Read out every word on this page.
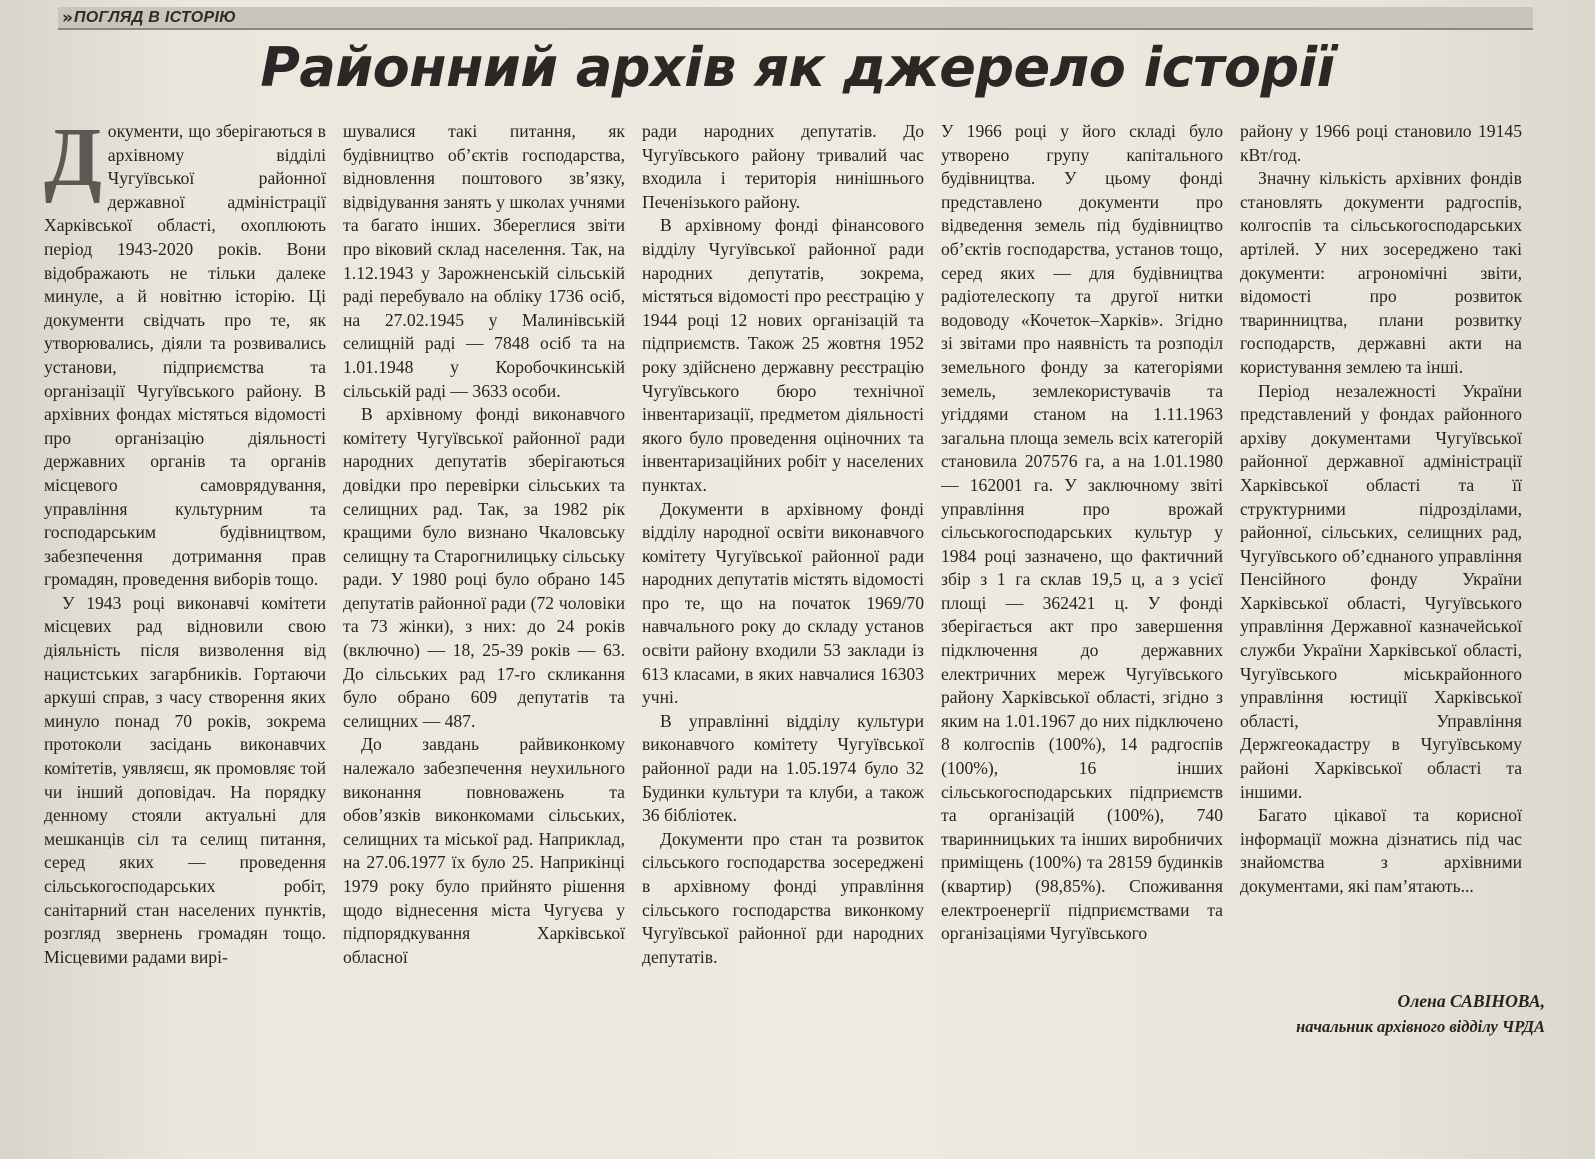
» ПОГЛЯД В ІСТОРІЮ
Районний архів як джерело історії

Документи, що зберігаються в архівному відділі Чугуївської районної державної адміністрації Харківської області, охоплюють період 1943-2020 років. Вони відображають не тільки далеке минуле, а й новітню історію. Ці документи свідчать про те, як утворювались, діяли та розвивались установи, підприємства та організації Чугуївського району. В архівних фондах містяться відомості про організацію діяльності державних органів та органів місцевого самоврядування, управління культурним та господарським будівництвом, забезпечення дотримання прав громадян, проведення виборів тощо.

У 1943 році виконавчі комітети місцевих рад відновили свою діяльність після визволення від нацистських загарбників. Гортаючи аркуші справ, з часу створення яких минуло понад 70 років, зокрема протоколи засідань виконавчих комітетів, уявляєш, як промовляє той чи інший доповідач. На порядку денному стояли актуальні для мешканців сіл та селищ питання, серед яких — проведення сільськогосподарських робіт, санітарний стан населених пунктів, розгляд звернень громадян тощо. Місцевими радами вирі-

шувалися такі питання, як будівництво об’єктів господарства, відновлення поштового зв’язку, відвідування занять у школах учнями та багато інших. Збереглися звіти про віковий склад населення. Так, на 1.12.1943 у Зарожненській сільській раді перебувало на обліку 1736 осіб, на 27.02.1945 у Малинівській селищній раді — 7848 осіб та на 1.01.1948 у Коробочкинській сільській раді — 3633 особи.

В архівному фонді виконавчого комітету Чугуївської районної ради народних депутатів зберігаються довідки про перевірки сільських та селищних рад. Так, за 1982 рік кращими було визнано Чкаловську селищну та Старогнилицьку сільську ради. У 1980 році було обрано 145 депутатів районної ради (72 чоловіки та 73 жінки), з них: до 24 років (включно) — 18, 25-39 років — 63. До сільських рад 17-го скликання було обрано 609 депутатів та селищних — 487.

До завдань райвиконкому належало забезпечення неухильного виконання повноважень та обов’язків виконкомами сільських, селищних та міської рад. Наприклад, на 27.06.1977 їх було 25. Наприкінці 1979 року було прийнято рішення щодо віднесення міста Чугуєва у підпорядкування Харківської обласної

ради народних депутатів. До Чугуївського району тривалий час входила і територія нинішнього Печенізького району.

В архівному фонді фінансового відділу Чугуївської районної ради народних депутатів, зокрема, містяться відомості про реєстрацію у 1944 році 12 нових організацій та підприємств. Також 25 жовтня 1952 року здійснено державну реєстрацію Чугуївського бюро технічної інвентаризації, предметом діяльності якого було проведення оціночних та інвентаризаційних робіт у населених пунктах.

Документи в архівному фонді відділу народної освіти виконавчого комітету Чугуївської районної ради народних депутатів містять відомості про те, що на початок 1969/70 навчального року до складу установ освіти району входили 53 заклади із 613 класами, в яких навчалися 16303 учні.

В управлінні відділу культури виконавчого комітету Чугуївської районної ради на 1.05.1974 було 32 Будинки культури та клуби, а також 36 бібліотек.

Документи про стан та розвиток сільського господарства зосереджені в архівному фонді управління сільського господарства виконкому Чугуївської районної рди народних депутатів.

У 1966 році у його складі було утворено групу капітального будівництва. У цьому фонді представлено документи про відведення земель під будівництво об’єктів господарства, установ тощо, серед яких — для будівництва радіотелескопу та другої нитки водоводу «Кочеток–Харків». Згідно зі звітами про наявність та розподіл земельного фонду за категоріями земель, землекористувачів та угіддями станом на 1.11.1963 загальна площа земель всіх категорій становила 207576 га, а на 1.01.1980 — 162001 га. У заключному звіті управління про врожай сільськогосподарських культур у 1984 році зазначено, що фактичний збір з 1 га склав 19,5 ц, а з усієї площі — 362421 ц. У фонді зберігається акт про завершення підключення до державних електричних мереж Чугуївського району Харківської області, згідно з яким на 1.01.1967 до них підключено 8 колгоспів (100%), 14 радгоспів (100%), 16 інших сільськогосподарських підприємств та організацій (100%), 740 тваринницьких та інших виробничих приміщень (100%) та 28159 будинків (квартир) (98,85%). Споживання електроенергії підприємствами та організаціями Чугуївського

району у 1966 році становило 19145 кВт/год.

Значну кількість архівних фондів становлять документи радгоспів, колгоспів та сільськогосподарських артілей. У них зосереджено такі документи: агрономічні звіти, відомості про розвиток тваринництва, плани розвитку господарств, державні акти на користування землею та інші.

Період незалежності України представлений у фондах районного архіву документами Чугуївської районної державної адміністрації Харківської області та її структурними підрозділами, районної, сільських, селищних рад, Чугуївського об’єднаного управління Пенсійного фонду України Харківської області, Чугуївського управління Державної казначейської служби України Харківської області, Чугуївського міськрайонного управління юстиції Харківської області, Управління Держгеокадастру в Чугуївському районі Харківської області та іншими.

Багато цікавої та корисної інформації можна дізнатись під час знайомства з архівними документами, які пам’ятають...

Олена САВІНОВА,
начальник архівного відділу ЧРДА
